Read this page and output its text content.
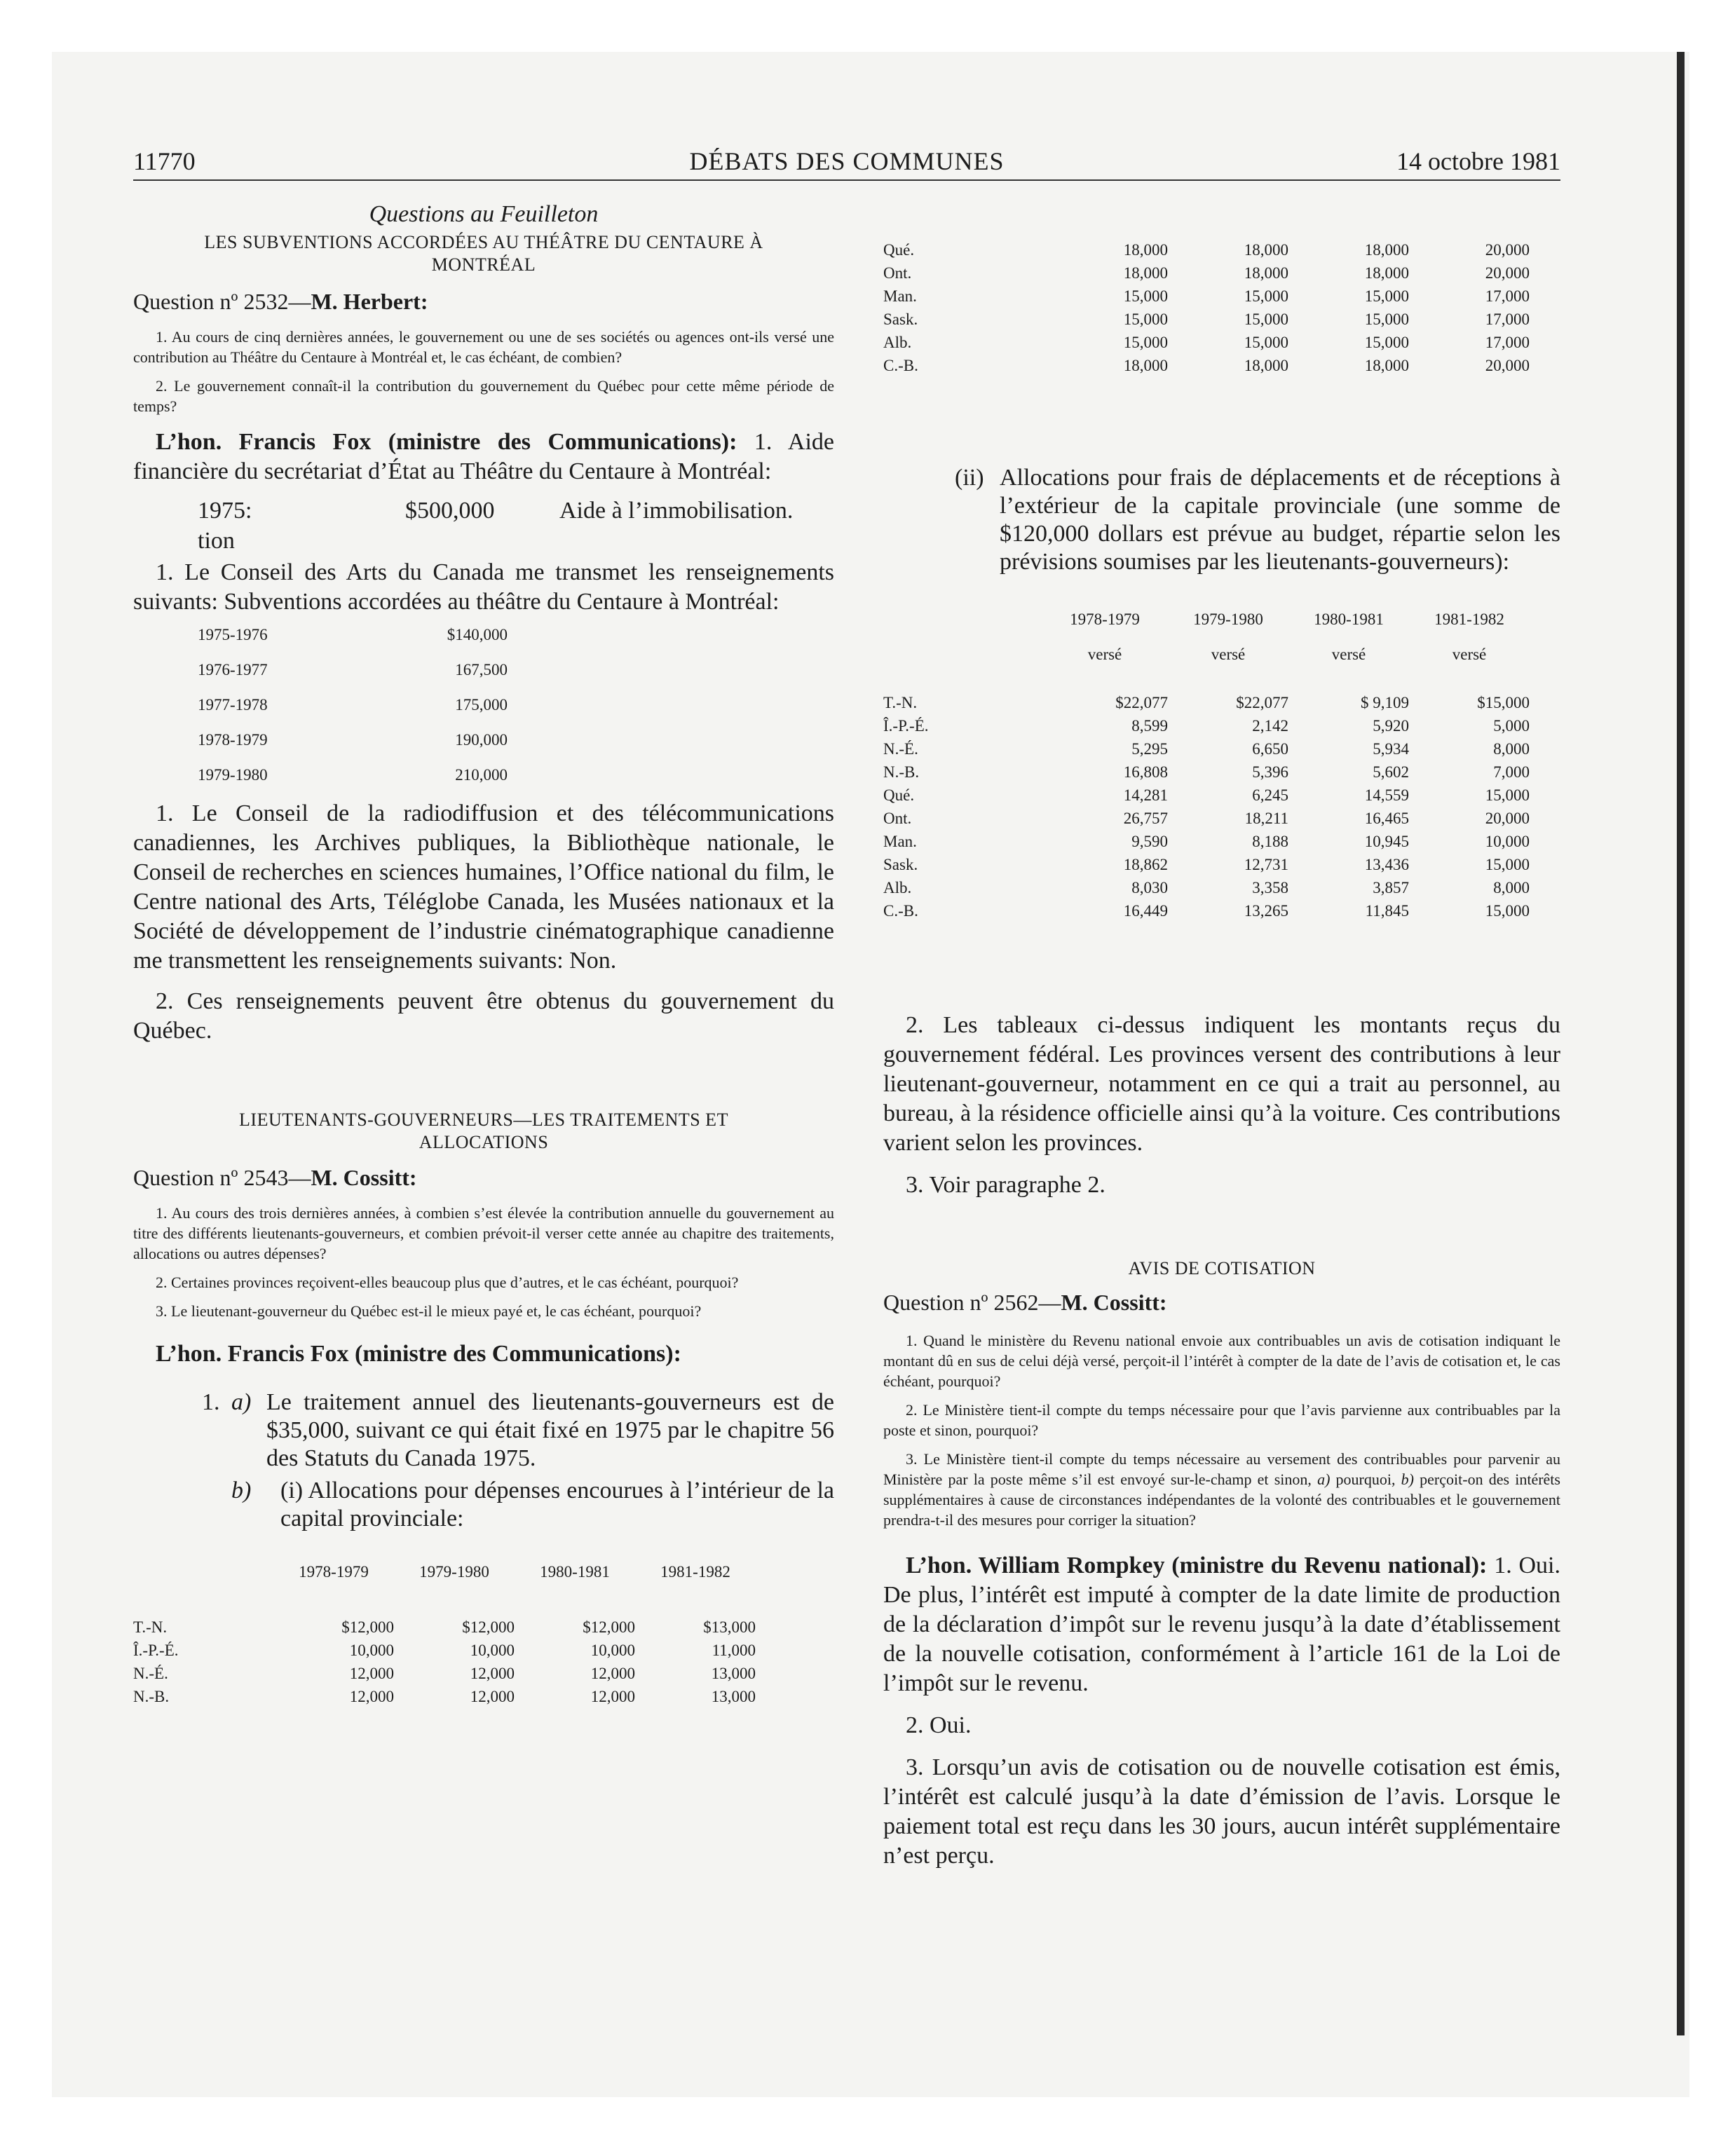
11770	DÉBATS DES COMMUNES	14 octobre 1981
Questions au Feuilleton
LES SUBVENTIONS ACCORDÉES AU THÉÂTRE DU CENTAURE À MONTRÉAL
Question nº 2532—M. Herbert:

1. Au cours de cinq dernières années, le gouvernement ou une de ses sociétés ou agences ont-ils versé une contribution au Théâtre du Centaure à Montréal et, le cas échéant, de combien?

2. Le gouvernement connaît-il la contribution du gouvernement du Québec pour cette même période de temps?

L’hon. Francis Fox (ministre des Communications): 1. Aide financière du secrétariat d’État au Théâtre du Centaure à Montréal:

1975:	$500,000	Aide à l’immobilisation.
tion

1. Le Conseil des Arts du Canada me transmet les renseignements suivants: Subventions accordées au théâtre du Centaure à Montréal:

1975-1976	$140,000
1976-1977	167,500
1977-1978	175,000
1978-1979	190,000
1979-1980	210,000

1. Le Conseil de la radiodiffusion et des télécommunications canadiennes, les Archives publiques, la Bibliothèque nationale, le Conseil de recherches en sciences humaines, l’Office national du film, le Centre national des Arts, Téléglobe Canada, les Musées nationaux et la Société de développement de l’industrie cinématographique canadienne me transmettent les renseignements suivants: Non.

2. Ces renseignements peuvent être obtenus du gouvernement du Québec.

LIEUTENANTS-GOUVERNEURS—LES TRAITEMENTS ET ALLOCATIONS
Question nº 2543—M. Cossitt:

1. Au cours des trois dernières années, à combien s’est élevée la contribution annuelle du gouvernement au titre des différents lieutenants-gouverneurs, et combien prévoit-il verser cette année au chapitre des traitements, allocations ou autres dépenses?

2. Certaines provinces reçoivent-elles beaucoup plus que d’autres, et le cas échéant, pourquoi?

3. Le lieutenant-gouverneur du Québec est-il le mieux payé et, le cas échéant, pourquoi?

L’hon. Francis Fox (ministre des Communications):
1. a) Le traitement annuel des lieutenants-gouverneurs est de $35,000, suivant ce qui était fixé en 1975 par le chapitre 56 des Statuts du Canada 1975.
b) (i) Allocations pour dépenses encourues à l’intérieur de la capital provinciale:
	1978-1979	1979-1980	1980-1981	1981-1982
T.-N.	$12,000	$12,000	$12,000	$13,000
Î.-P.-É.	10,000	10,000	10,000	11,000
N.-É.	12,000	12,000	12,000	13,000
N.-B.	12,000	12,000	12,000	13,000
Qué.	18,000	18,000	18,000	20,000
Ont.	18,000	18,000	18,000	20,000
Man.	15,000	15,000	15,000	17,000
Sask.	15,000	15,000	15,000	17,000
Alb.	15,000	15,000	15,000	17,000
C.-B.	18,000	18,000	18,000	20,000
(ii) Allocations pour frais de déplacements et de réceptions à l’extérieur de la capitale provinciale (une somme de $120,000 dollars est prévue au budget, répartie selon les prévisions soumises par les lieutenants-gouverneurs):
	1978-1979	1979-1980	1980-1981	1981-1982
	versé	versé	versé	versé
T.-N.	$22,077	$22,077	$ 9,109	$15,000
Î.-P.-É.	8,599	2,142	5,920	5,000
N.-É.	5,295	6,650	5,934	8,000
N.-B.	16,808	5,396	5,602	7,000
Qué.	14,281	6,245	14,559	15,000
Ont.	26,757	18,211	16,465	20,000
Man.	9,590	8,188	10,945	10,000
Sask.	18,862	12,731	13,436	15,000
Alb.	8,030	3,358	3,857	8,000
C.-B.	16,449	13,265	11,845	15,000

2. Les tableaux ci-dessus indiquent les montants reçus du gouvernement fédéral. Les provinces versent des contributions à leur lieutenant-gouverneur, notamment en ce qui a trait au personnel, au bureau, à la résidence officielle ainsi qu’à la voiture. Ces contributions varient selon les provinces.

3. Voir paragraphe 2.

AVIS DE COTISATION
Question nº 2562—M. Cossitt:

1. Quand le ministère du Revenu national envoie aux contribuables un avis de cotisation indiquant le montant dû en sus de celui déjà versé, perçoit-il l’intérêt à compter de la date de l’avis de cotisation et, le cas échéant, pourquoi?

2. Le Ministère tient-il compte du temps nécessaire pour que l’avis parvienne aux contribuables par la poste et sinon, pourquoi?

3. Le Ministère tient-il compte du temps nécessaire au versement des contribuables pour parvenir au Ministère par la poste même s’il est envoyé sur-le-champ et sinon, a) pourquoi, b) perçoit-on des intérêts supplémentaires à cause de circonstances indépendantes de la volonté des contribuables et le gouvernement prendra-t-il des mesures pour corriger la situation?

L’hon. William Rompkey (ministre du Revenu national): 1. Oui. De plus, l’intérêt est imputé à compter de la date limite de production de la déclaration d’impôt sur le revenu jusqu’à la date d’établissement de la nouvelle cotisation, conformément à l’article 161 de la Loi de l’impôt sur le revenu.

2. Oui.

3. Lorsqu’un avis de cotisation ou de nouvelle cotisation est émis, l’intérêt est calculé jusqu’à la date d’émission de l’avis. Lorsque le paiement total est reçu dans les 30 jours, aucun intérêt supplémentaire n’est perçu.
